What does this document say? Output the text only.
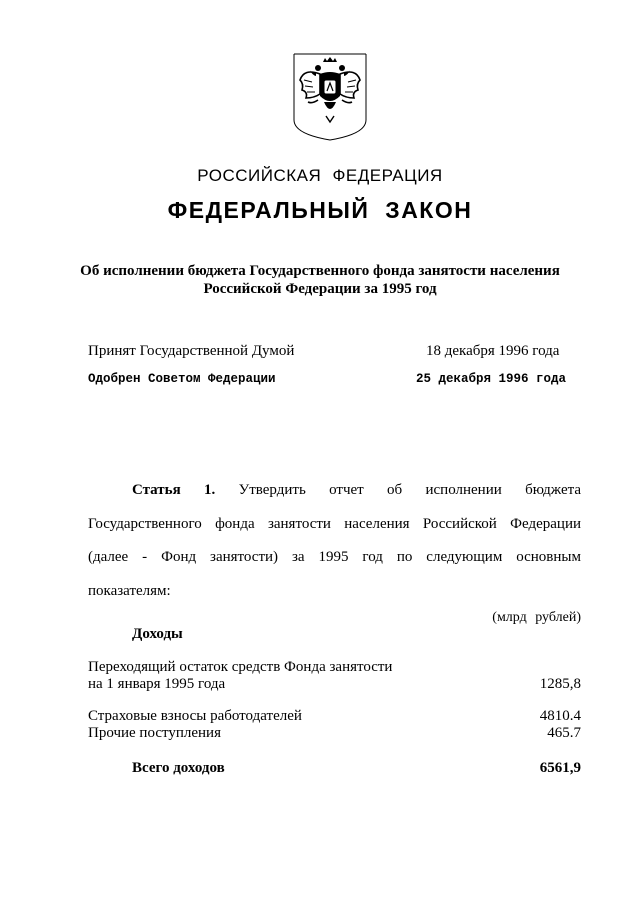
РОССИЙСКАЯ ФЕДЕРАЦИЯ
ФЕДЕРАЛЬНЫЙ ЗАКОН
Об исполнении бюджета Государственного фонда занятости населения
Российской Федерации за 1995 год
Принят Государственной Думой	18 декабря 1996 года
Одобрен Советом Федерации	25 декабря 1996 года
Статья 1. Утвердить отчет об исполнении бюджета Государственного фонда занятости населения Российской Федерации (далее - Фонд занятости) за 1995 год по следующим основным показателям:
(млрд рублей)
Доходы
Переходящий остаток средств Фонда занятости
на 1 января 1995 года	1285,8
Страховые взносы работодателей	4810.4
Прочие поступления	465.7
Всего доходов	6561,9
